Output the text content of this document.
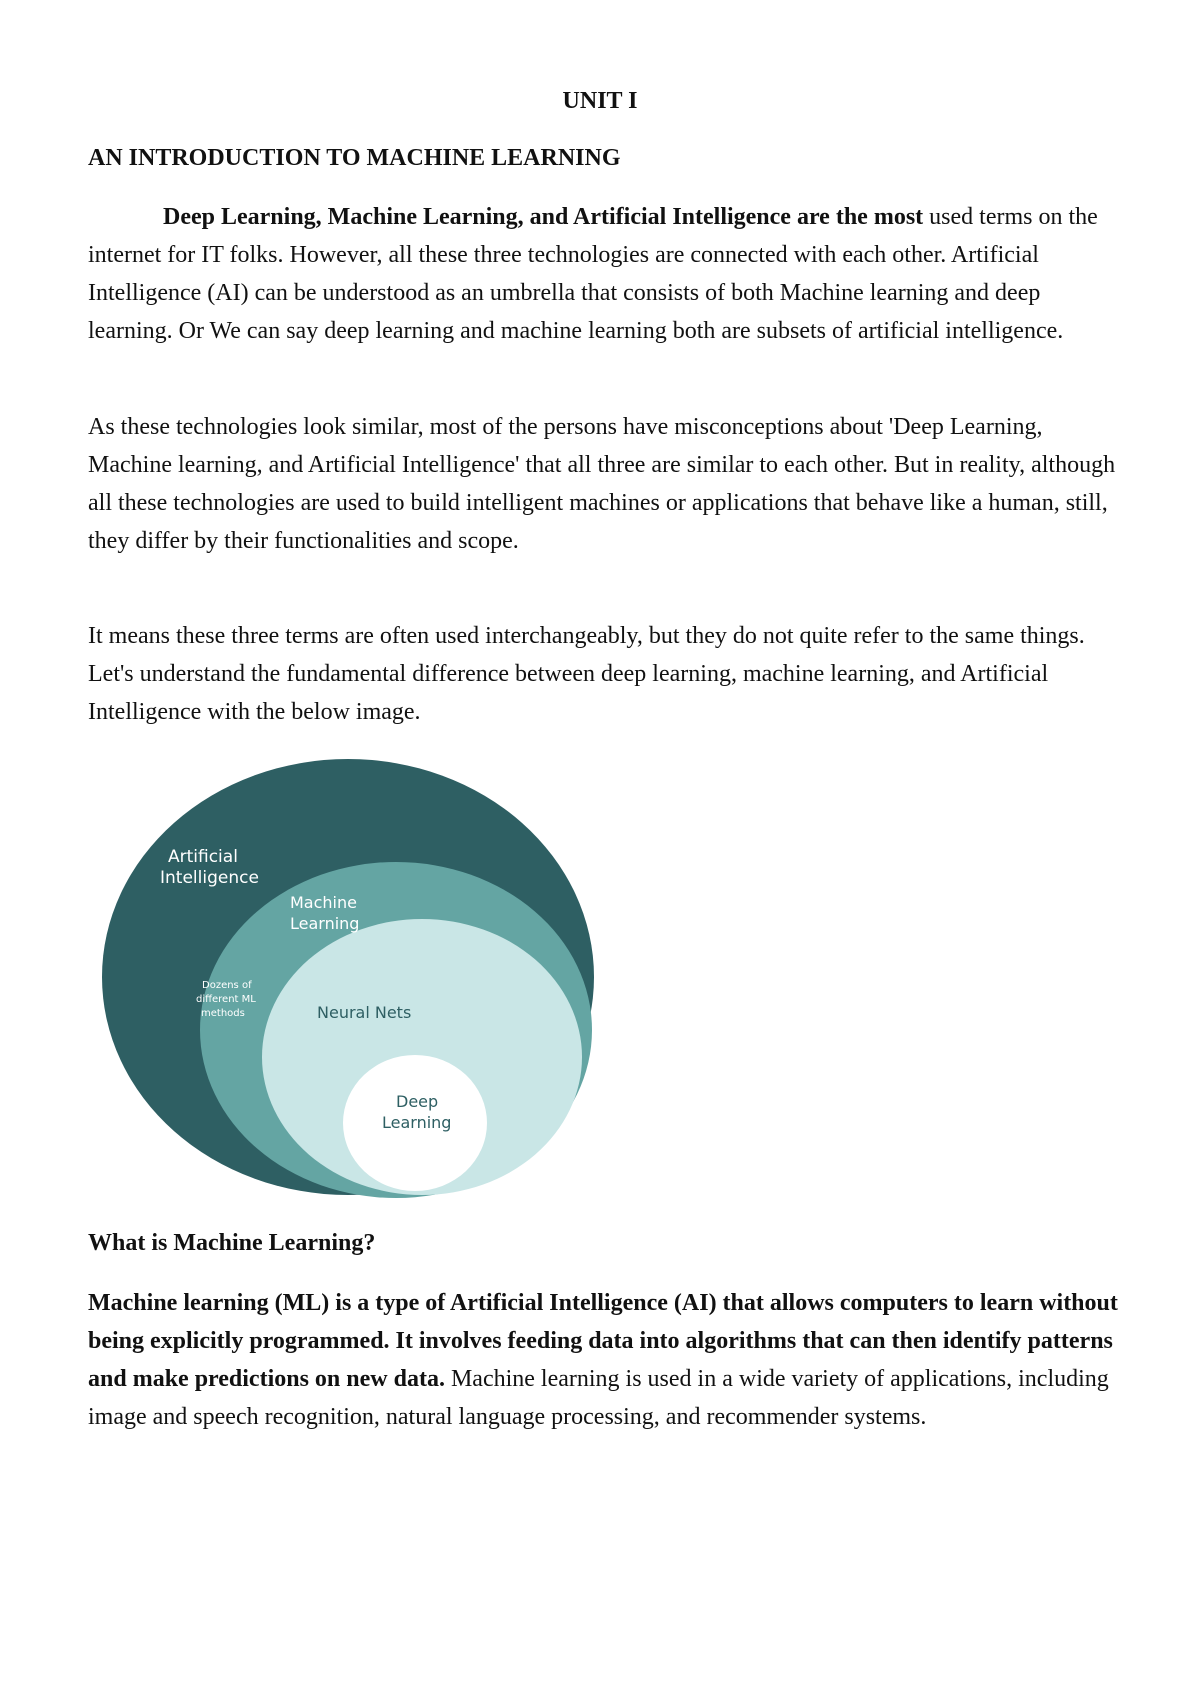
UNIT I
AN INTRODUCTION TO MACHINE LEARNING

Deep Learning, Machine Learning, and Artificial Intelligence are the most used terms on the internet for IT folks. However, all these three technologies are connected with each other. Artificial Intelligence (AI) can be understood as an umbrella that consists of both Machine learning and deep learning. Or We can say deep learning and machine learning both are subsets of artificial intelligence.

As these technologies look similar, most of the persons have misconceptions about 'Deep Learning, Machine learning, and Artificial Intelligence' that all three are similar to each other. But in reality, although all these technologies are used to build intelligent machines or applications that behave like a human, still, they differ by their functionalities and scope.

It means these three terms are often used interchangeably, but they do not quite refer to the same things. Let's understand the fundamental difference between deep learning, machine learning, and Artificial Intelligence with the below image.

Artificial
Intelligence
Machine
Learning
Dozens of
different ML
methods	Neural Nets
Deep
Learning
What is Machine Learning?

Machine learning (ML) is a type of Artificial Intelligence (AI) that allows computers to learn without being explicitly programmed. It involves feeding data into algorithms that can then identify patterns and make predictions on new data. Machine learning is used in a wide variety of applications, including image and speech recognition, natural language processing, and recommender systems.
